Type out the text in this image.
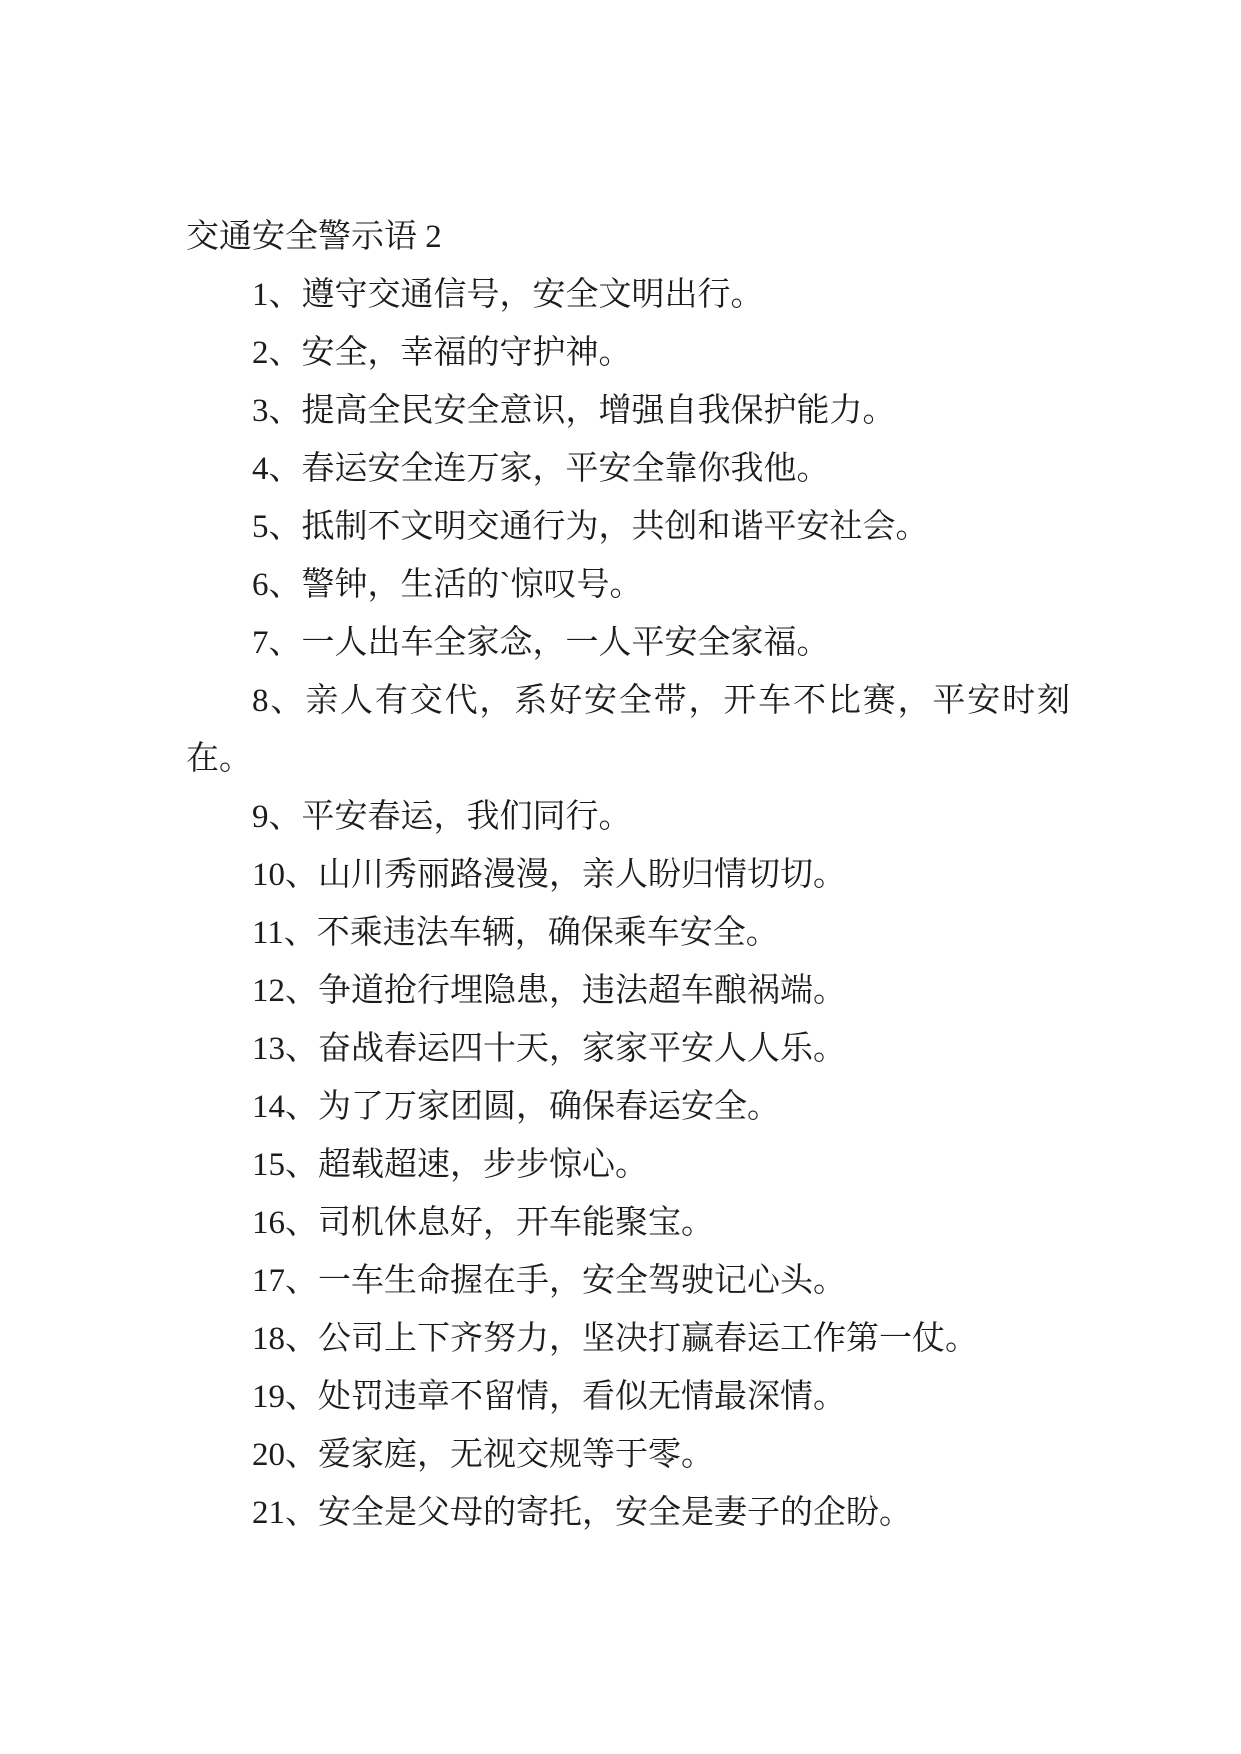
交通安全警示语 2

1、遵守交通信号，安全文明出行。

2、安全，幸福的守护神。

3、提高全民安全意识，增强自我保护能力。

4、春运安全连万家，平安全靠你我他。

5、抵制不文明交通行为，共创和谐平安社会。

6、警钟，生活的`惊叹号。

7、一人出车全家念，一人平安全家福。

8、亲人有交代，系好安全带，开车不比赛，平安时刻在。

9、平安春运，我们同行。

10、山川秀丽路漫漫，亲人盼归情切切。

11、不乘违法车辆，确保乘车安全。

12、争道抢行埋隐患，违法超车酿祸端。

13、奋战春运四十天，家家平安人人乐。

14、为了万家团圆，确保春运安全。

15、超载超速，步步惊心。

16、司机休息好，开车能聚宝。

17、一车生命握在手，安全驾驶记心头。

18、公司上下齐努力，坚决打赢春运工作第一仗。

19、处罚违章不留情，看似无情最深情。

20、爱家庭，无视交规等于零。

21、安全是父母的寄托，安全是妻子的企盼。
